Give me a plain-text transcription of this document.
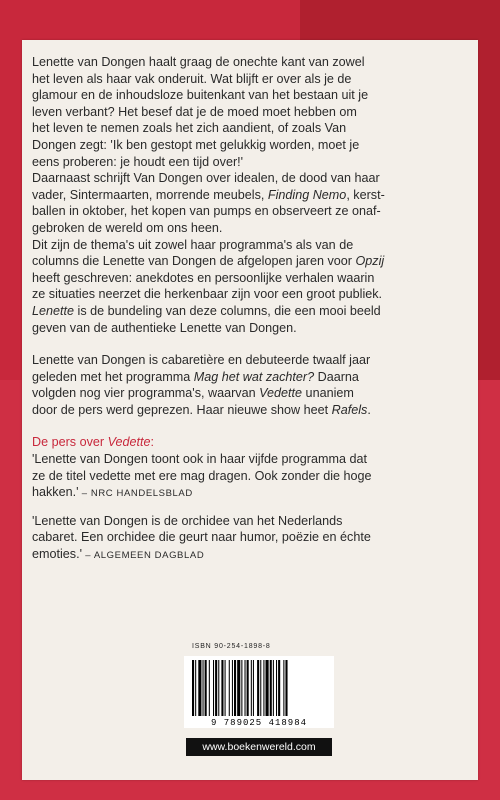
Lenette van Dongen haalt graag de onechte kant van zowel
het leven als haar vak onderuit. Wat blijft er over als je de
glamour en de inhoudsloze buitenkant van het bestaan uit je
leven verbant? Het besef dat je de moed moet hebben om
het leven te nemen zoals het zich aandient, of zoals Van
Dongen zegt: 'Ik ben gestopt met gelukkig worden, moet je
eens proberen: je houdt een tijd over!'

Daarnaast schrijft Van Dongen over idealen, de dood van haar
vader, Sintermaarten, morrende meubels, Finding Nemo, kerst-
ballen in oktober, het kopen van pumps en observeert ze onaf-
gebroken de wereld om ons heen.

Dit zijn de thema's uit zowel haar programma's als van de
columns die Lenette van Dongen de afgelopen jaren voor Opzij
heeft geschreven: anekdotes en persoonlijke verhalen waarin
ze situaties neerzet die herkenbaar zijn voor een groot publiek.
Lenette is de bundeling van deze columns, die een mooi beeld
geven van de authentieke Lenette van Dongen.

Lenette van Dongen is cabaretière en debuteerde twaalf jaar
geleden met het programma Mag het wat zachter? Daarna
volgden nog vier programma's, waarvan Vedette unaniem
door de pers werd geprezen. Haar nieuwe show heet Rafels.

De pers over Vedette:

'Lenette van Dongen toont ook in haar vijfde programma dat
ze de titel vedette met ere mag dragen. Ook zonder die hoge
hakken.' – NRC HANDELSBLAD

'Lenette van Dongen is de orchidee van het Nederlands
cabaret. Een orchidee die geurt naar humor, poëzie en échte
emoties.' – ALGEMEEN DAGBLAD

ISBN 90-254-1898-8
9 789025 418984
www.boekenwereld.com
